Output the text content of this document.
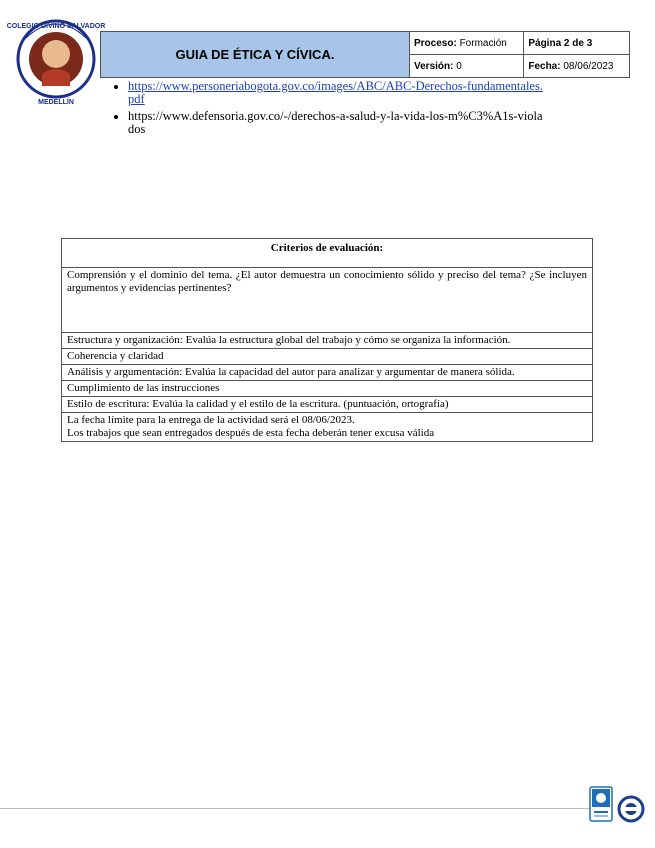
COLEGIO DIVINO SALVADOR
MEDELLÍN
GUIA DE ÉTICA Y CÍVICA.	Proceso: Formación	Página 2 de 3
	Versión: 0	Fecha: 08/06/2023
• https://www.personeriabogota.gov.co/images/ABC/ABC-Derechos-fundamentales.pdf
• https://www.defensoria.gov.co/-/derechos-a-salud-y-la-vida-los-m%C3%A1s-violados
Criterios de evaluación:
Comprensión y el dominio del tema. ¿El autor demuestra un conocimiento sólido y preciso del tema? ¿Se incluyen argumentos y evidencias pertinentes?
Estructura y organización: Evalúa la estructura global del trabajo y cómo se organiza la información.
Coherencia y claridad
Análisis y argumentación: Evalúa la capacidad del autor para analizar y argumentar de manera sólida.
Cumplimiento de las instrucciones
Estilo de escritura: Evalúa la calidad y el estilo de la escritura. (puntuación, ortografía)

La fecha límite para la entrega de la actividad será el 08/06/2023.
Los trabajos que sean entregados después de esta fecha deberán tener excusa válida
